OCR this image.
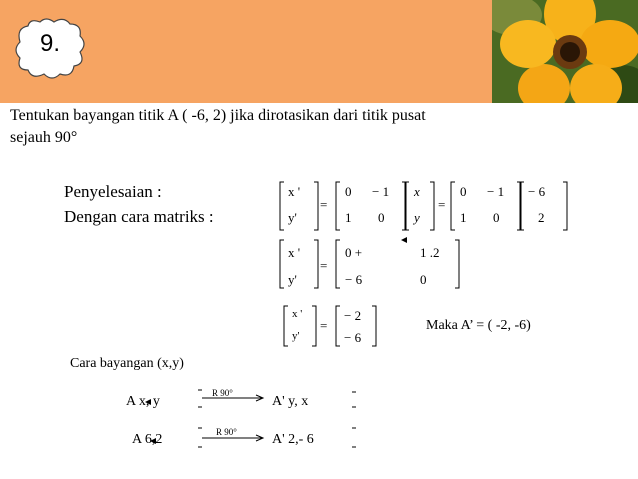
9.
Tentukan bayangan titik A ( -6, 2) jika dirotasikan dari titik pusat
sejauh 90°
Penyelesaian :
Dengan cara matriks :
x '
y'
=
0 − 1
1 0
x
y
=
0 − 1
1 0
− 6
2
x '
y'
=
0 +	1 .2
− 6	0
x '
y'
=
− 2
− 6
Maka A’ = ( -2, -6)
Cara bayangan (x,y)
A x, y
R 90°
A' y, x
A 6,2	R 90°	A' 2,- 6
